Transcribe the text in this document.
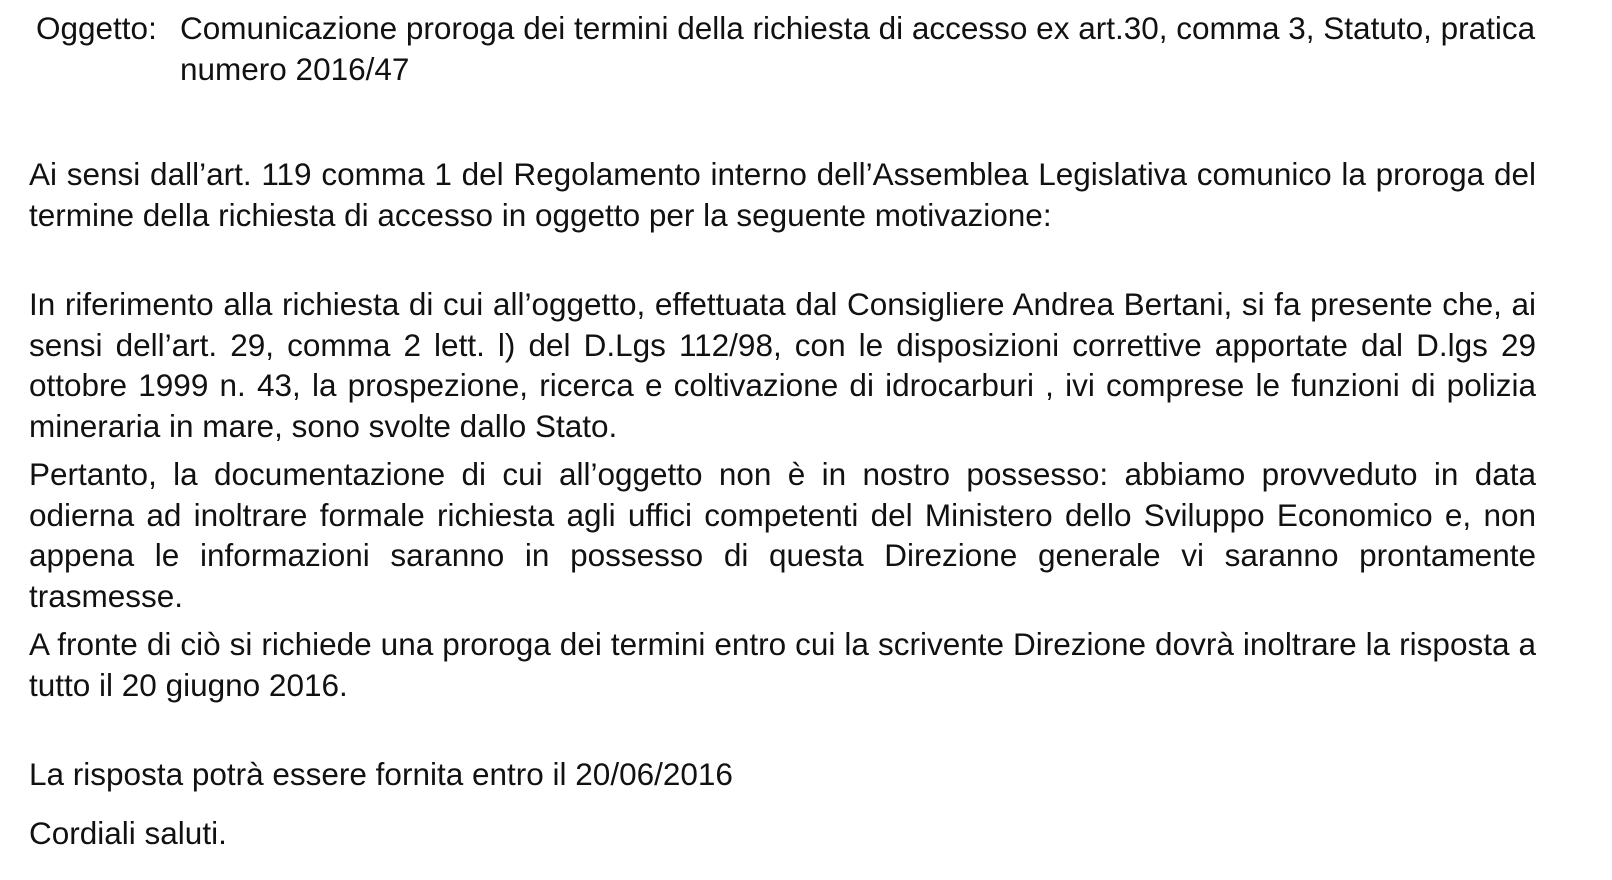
Oggetto: Comunicazione proroga dei termini della richiesta di accesso ex art.30, comma 3, Statuto, pratica numero 2016/47

Ai sensi dall’art. 119 comma 1 del Regolamento interno dell’Assemblea Legislativa comunico la proroga del termine della richiesta di accesso in oggetto per la seguente motivazione:

In riferimento alla richiesta di cui all’oggetto, effettuata dal Consigliere Andrea Bertani, si fa presente che, ai sensi dell’art. 29, comma 2 lett. l) del D.Lgs 112/98, con le disposizioni correttive apportate dal D.lgs 29 ottobre 1999 n. 43, la prospezione, ricerca e coltivazione di idrocarburi , ivi comprese le funzioni di polizia mineraria in mare, sono svolte dallo Stato.

Pertanto, la documentazione di cui all’oggetto non è in nostro possesso: abbiamo provveduto in data odierna ad inoltrare formale richiesta agli uffici competenti del Ministero dello Sviluppo Economico e, non appena le informazioni saranno in possesso di questa Direzione generale vi saranno prontamente trasmesse.

A fronte di ciò si richiede una proroga dei termini entro cui la scrivente Direzione dovrà inoltrare la risposta a tutto il 20 giugno 2016.

La risposta potrà essere fornita entro il 20/06/2016

Cordiali saluti.
